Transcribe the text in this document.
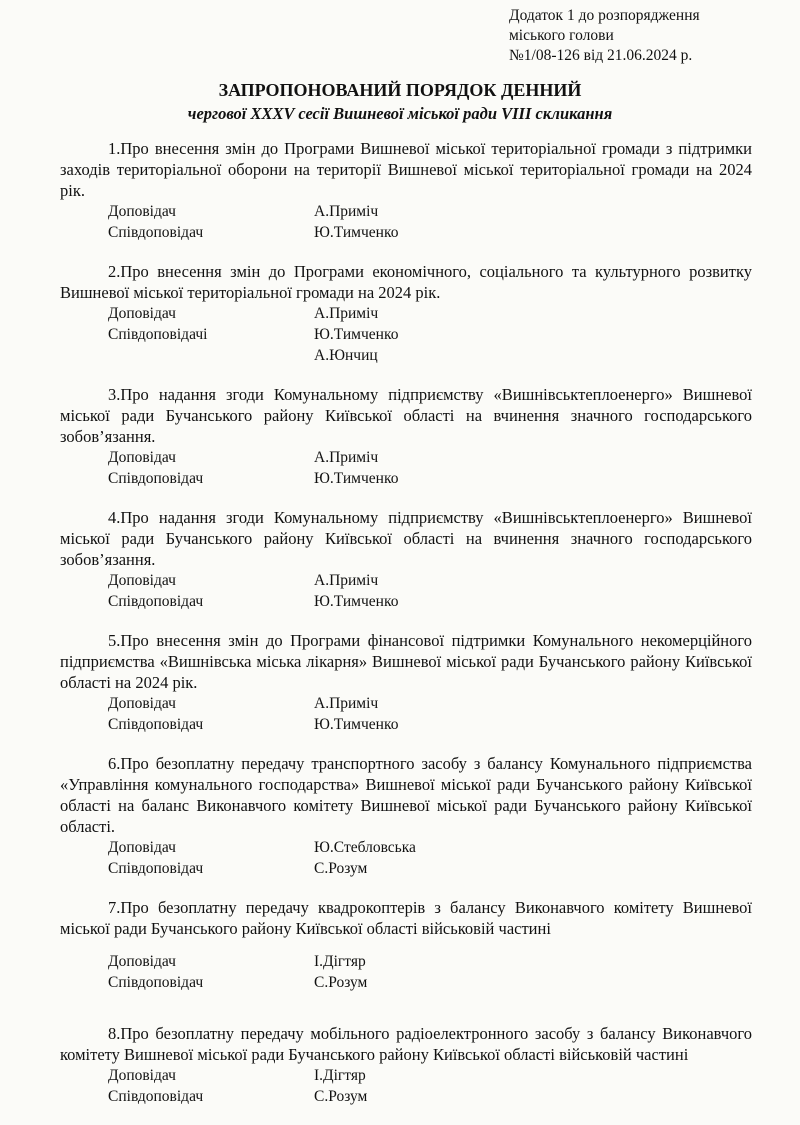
Додаток 1 до розпорядження
міського голови
№1/08-126 від 21.06.2024 р.
ЗАПРОПОНОВАНИЙ ПОРЯДОК ДЕННИЙ
чергової XXXV сесії Вишневої міської ради VIII скликання

1.Про внесення змін до Програми Вишневої міської територіальної громади з підтримки заходів територіальної оборони на території Вишневої міської територіальної громади на 2024 рік.

Доповідач	А.Приміч
Співдоповідач	Ю.Тимченко

2.Про внесення змін до Програми економічного, соціального та культурного розвитку Вишневої міської територіальної громади на 2024 рік.

Доповідач	А.Приміч
Співдоповідачі	Ю.Тимченко
А.Юнчиц

3.Про надання згоди Комунальному підприємству «Вишнівськтеплоенерго» Вишневої міської ради Бучанського району Київської області на вчинення значного господарського зобов’язання.

Доповідач	А.Приміч
Співдоповідач	Ю.Тимченко

4.Про надання згоди Комунальному підприємству «Вишнівськтеплоенерго» Вишневої міської ради Бучанського району Київської області на вчинення значного господарського зобов’язання.

Доповідач	А.Приміч
Співдоповідач	Ю.Тимченко

5.Про внесення змін до Програми фінансової підтримки Комунального некомерційного підприємства «Вишнівська міська лікарня» Вишневої міської ради Бучанського району Київської області на 2024 рік.

Доповідач	А.Приміч
Співдоповідач	Ю.Тимченко

6.Про безоплатну передачу транспортного засобу з балансу Комунального підприємства «Управління комунального господарства» Вишневої міської ради Бучанського району Київської області на баланс Виконавчого комітету Вишневої міської ради Бучанського району Київської області.

Доповідач	Ю.Стебловська
Співдоповідач	С.Розум

7.Про безоплатну передачу квадрокоптерів з балансу Виконавчого комітету Вишневої міської ради Бучанського району Київської області військовій частині

Доповідач	І.Дігтяр
Співдоповідач	С.Розум

8.Про безоплатну передачу мобільного радіоелектронного засобу з балансу Виконавчого комітету Вишневої міської ради Бучанського району Київської області військовій частині

Доповідач	І.Дігтяр
Співдоповідач	С.Розум
